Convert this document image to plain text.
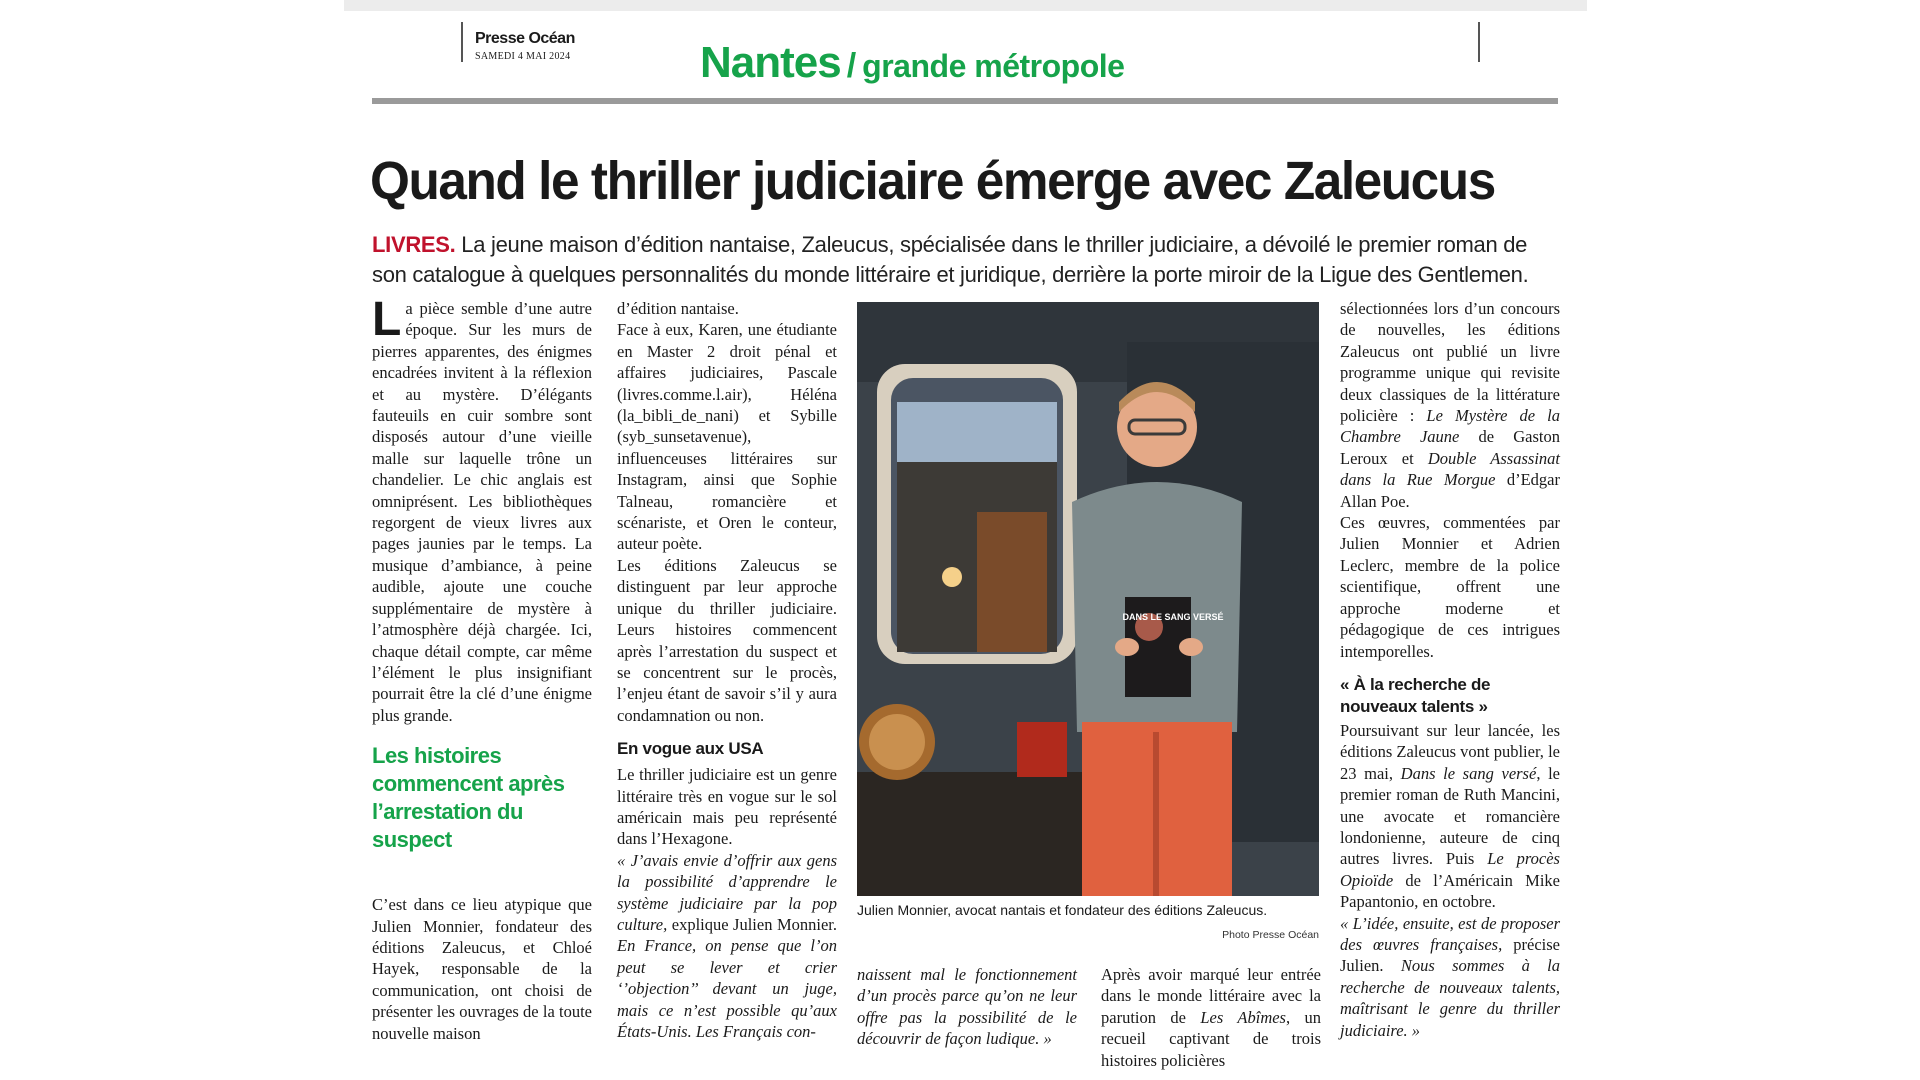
Presse Océan
SAMEDI 4 MAI 2024	Nantes / grande métropole
Quand le thriller judiciaire émerge avec Zaleucus
LIVRES. La jeune maison d’édition nantaise, Zaleucus, spécialisée dans le thriller judiciaire, a dévoilé le premier roman de son catalogue à quelques personnalités du monde littéraire et juridique, derrière la porte miroir de la Ligue des Gentlemen.

La pièce semble d’une autre époque. Sur les murs de pierres apparentes, des énigmes encadrées invitent à la réflexion et au mystère. D’élégants fauteuils en cuir sombre sont disposés autour d’une vieille malle sur laquelle trône un chandelier. Le chic anglais est omniprésent. Les bibliothèques regorgent de vieux livres aux pages jaunies par le temps. La musique d’ambiance, à peine audible, ajoute une couche supplémentaire de mystère à l’atmosphère déjà chargée. Ici, chaque détail compte, car même l’élément le plus insignifiant pourrait être la clé d’une énigme plus grande.

Les histoires commencent après l’arrestation du suspect

C’est dans ce lieu atypique que Julien Monnier, fondateur des éditions Zaleucus, et Chloé Hayek, responsable de la communication, ont choisi de présenter les ouvrages de la toute nouvelle maison

d’édition nantaise.

Face à eux, Karen, une étudiante en Master 2 droit pénal et affaires judiciaires, Pascale (livres.comme.l.air), Héléna (la_bibli_de_nani) et Sybille (syb_sunsetavenue), influenceuses littéraires sur Instagram, ainsi que Sophie Talneau, romancière et scénariste, et Oren le conteur, auteur poète.

Les éditions Zaleucus se distinguent par leur approche unique du thriller judiciaire. Leurs histoires commencent après l’arrestation du suspect et se concentrent sur le procès, l’enjeu étant de savoir s’il y aura condamnation ou non.

En vogue aux USA

Le thriller judiciaire est un genre littéraire très en vogue sur le sol américain mais peu représenté dans l’Hexagone.

« J’avais envie d’offrir aux gens la possibilité d’apprendre le système judiciaire par la pop culture, explique Julien Monnier. En France, on pense que l’on peut se lever et crier ‘’objection’’ devant un juge, mais ce n’est possible qu’aux États-Unis. Les Français con-

DANS LE SANG VERSÉ
Julien Monnier, avocat nantais et fondateur des éditions Zaleucus.
Photo Presse Océan

naissent mal le fonctionnement d’un procès parce qu’on ne leur offre pas la possibilité de le découvrir de façon ludique. »

Après avoir marqué leur entrée dans le monde littéraire avec la parution de Les Abîmes, un recueil captivant de trois histoires policières

sélectionnées lors d’un concours de nouvelles, les éditions Zaleucus ont publié un livre programme unique qui revisite deux classiques de la littérature policière : Le Mystère de la Chambre Jaune de Gaston Leroux et Double Assassinat dans la Rue Morgue d’Edgar Allan Poe.

Ces œuvres, commentées par Julien Monnier et Adrien Leclerc, membre de la police scientifique, offrent une approche moderne et pédagogique de ces intrigues intemporelles.

« À la recherche de nouveaux talents »

Poursuivant sur leur lancée, les éditions Zaleucus vont publier, le 23 mai, Dans le sang versé, le premier roman de Ruth Mancini, une avocate et romancière londonienne, auteure de cinq autres livres. Puis Le procès Opioïde de l’Américain Mike Papantonio, en octobre.

« L’idée, ensuite, est de proposer des œuvres françaises, précise Julien. Nous sommes à la recherche de nouveaux talents, maîtrisant le genre du thriller judiciaire. »
